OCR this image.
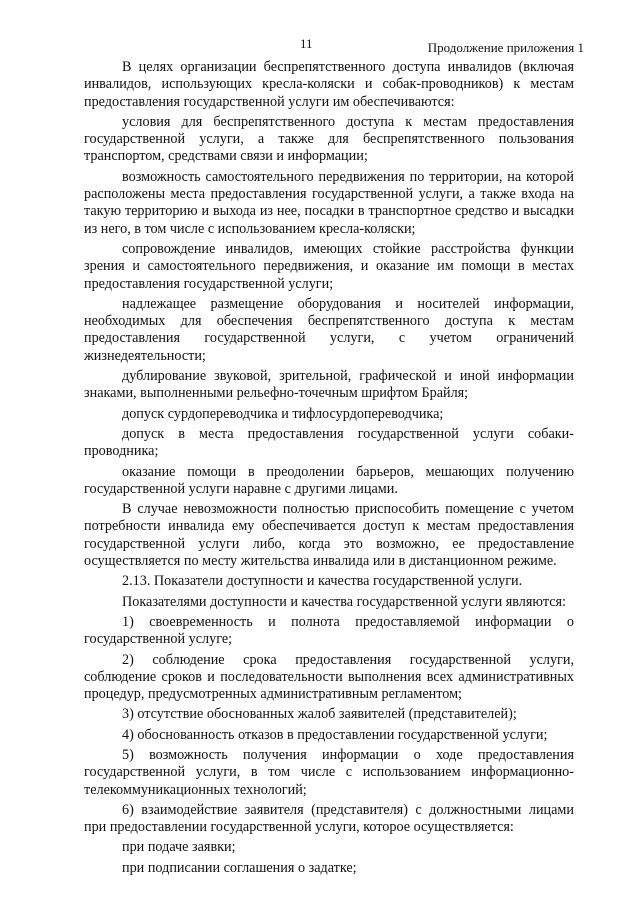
11	Продолжение приложения 1

В целях организации беспрепятственного доступа инвалидов (включая инвалидов, использующих кресла-коляски и собак-проводников) к местам предоставления государственной услуги им обеспечиваются:

условия для беспрепятственного доступа к местам предоставления государственной услуги, а также для беспрепятственного пользования транспортом, средствами связи и информации;

возможность самостоятельного передвижения по территории, на которой расположены места предоставления государственной услуги, а также входа на такую территорию и выхода из нее, посадки в транспортное средство и высадки из него, в том числе с использованием кресла-коляски;

сопровождение инвалидов, имеющих стойкие расстройства функции зрения и самостоятельного передвижения, и оказание им помощи в местах предоставления государственной услуги;

надлежащее размещение оборудования и носителей информации, необходимых для обеспечения беспрепятственного доступа к местам предоставления государственной услуги, с учетом ограничений жизнедеятельности;

дублирование звуковой, зрительной, графической и иной информации знаками, выполненными рельефно-точечным шрифтом Брайля;

допуск сурдопереводчика и тифлосурдопереводчика;

допуск в места предоставления государственной услуги собаки-проводника;

оказание помощи в преодолении барьеров, мешающих получению государственной услуги наравне с другими лицами.

В случае невозможности полностью приспособить помещение с учетом потребности инвалида ему обеспечивается доступ к местам предоставления государственной услуги либо, когда это возможно, ее предоставление осуществляется по месту жительства инвалида или в дистанционном режиме.

2.13. Показатели доступности и качества государственной услуги.

Показателями доступности и качества государственной услуги являются:

1) своевременность и полнота предоставляемой информации о государственной услуге;

2) соблюдение срока предоставления государственной услуги, соблюдение сроков и последовательности выполнения всех административных процедур, предусмотренных административным регламентом;

3) отсутствие обоснованных жалоб заявителей (представителей);

4) обоснованность отказов в предоставлении государственной услуги;

5) возможность получения информации о ходе предоставления государственной услуги, в том числе с использованием информационно-телекоммуникационных технологий;

6) взаимодействие заявителя (представителя) с должностными лицами при предоставлении государственной услуги, которое осуществляется:

при подаче заявки;

при подписании соглашения о задатке;
